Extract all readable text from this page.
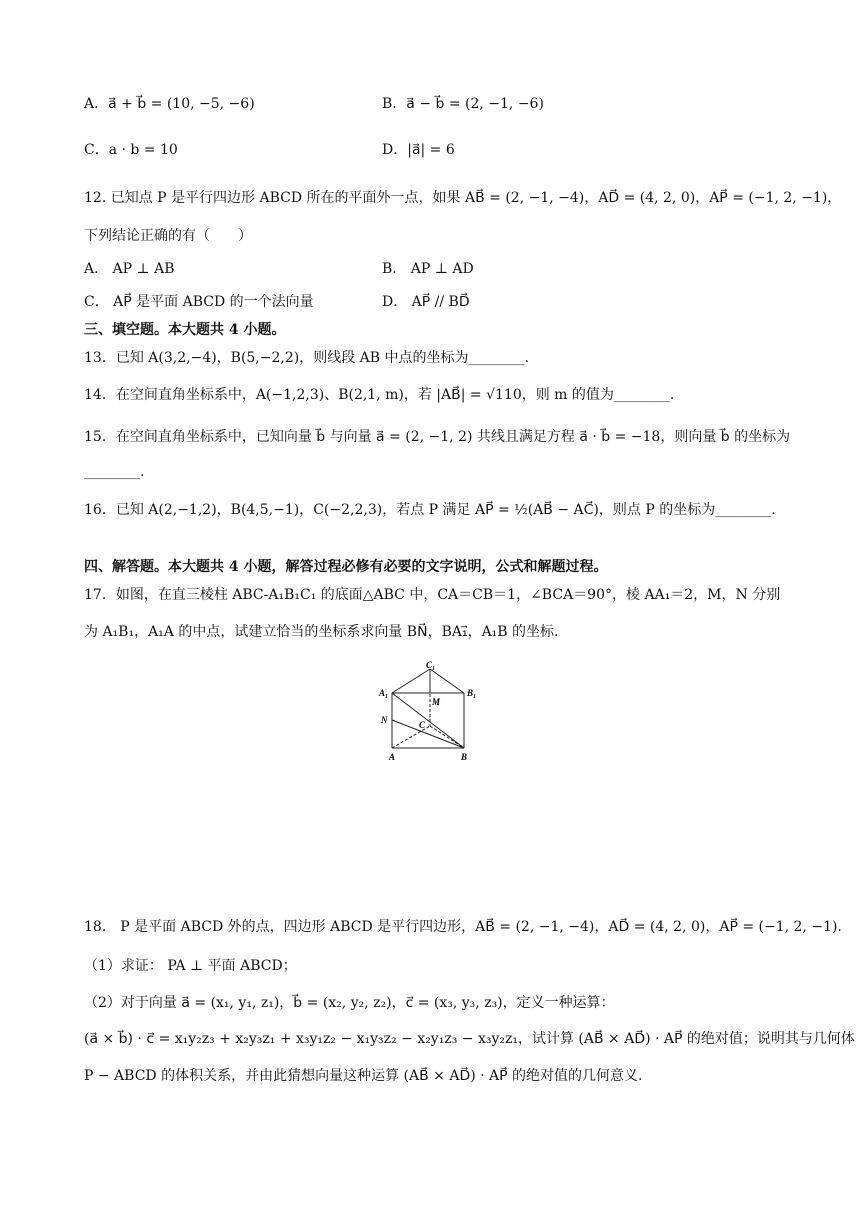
A．a⃗ + b⃗ = (10, −5, −6)	B．a⃗ − b⃗ = (2, −1, −6)
C．a · b = 10	D．|a⃗| = 6
12. 已知点 P 是平行四边形 ABCD 所在的平面外一点，如果 AB⃗ = (2, −1, −4)，AD⃗ = (4, 2, 0)，AP⃗ = (−1, 2, −1)，
下列结论正确的有（　　）
A． AP ⊥ AB	B． AP ⊥ AD
C． AP⃗ 是平面 ABCD 的一个法向量	D． AP⃗ // BD⃗
三、填空题。本大题共 4 小题。
13．已知 A(3,2,−4)，B(5,−2,2)，则线段 AB 中点的坐标为________.
14．在空间直角坐标系中，A(−1,2,3)、B(2,1, m)，若 |AB⃗| = √110，则 m 的值为________.
15．在空间直角坐标系中，已知向量 b⃗ 与向量 a⃗ = (2, −1, 2) 共线且满足方程 a⃗ · b⃗ = −18，则向量 b⃗ 的坐标为
________.
16．已知 A(2,−1,2)，B(4,5,−1)，C(−2,2,3)，若点 P 满足 AP⃗ = ½(AB⃗ − AC⃗)，则点 P 的坐标为________.
四、解答题。本大题共 4 小题，解答过程必修有必要的文字说明，公式和解题过程。
17．如图，在直三棱柱 ABC-A₁B₁C₁ 的底面△ABC 中，CA＝CB＝1，∠BCA＝90°，棱 AA₁＝2，M，N 分别
为 A₁B₁，A₁A 的中点，试建立恰当的坐标系求向量 BN⃗，BA₁⃗，A₁B 的坐标.
C₁
A₁	B₁
M
N	C
A	B
18． P 是平面 ABCD 外的点，四边形 ABCD 是平行四边形，AB⃗ = (2, −1, −4)，AD⃗ = (4, 2, 0)，AP⃗ = (−1, 2, −1).
（1）求证： PA ⊥ 平面 ABCD；
（2）对于向量 a⃗ = (x₁, y₁, z₁)，b⃗ = (x₂, y₂, z₂)，c⃗ = (x₃, y₃, z₃)，定义一种运算：
(a⃗ × b⃗) · c⃗ = x₁y₂z₃ + x₂y₃z₁ + x₃y₁z₂ − x₁y₃z₂ − x₂y₁z₃ − x₃y₂z₁，试计算 (AB⃗ × AD⃗) · AP⃗ 的绝对值；说明其与几何体
P − ABCD 的体积关系，并由此猜想向量这种运算 (AB⃗ × AD⃗) · AP⃗ 的绝对值的几何意义.
